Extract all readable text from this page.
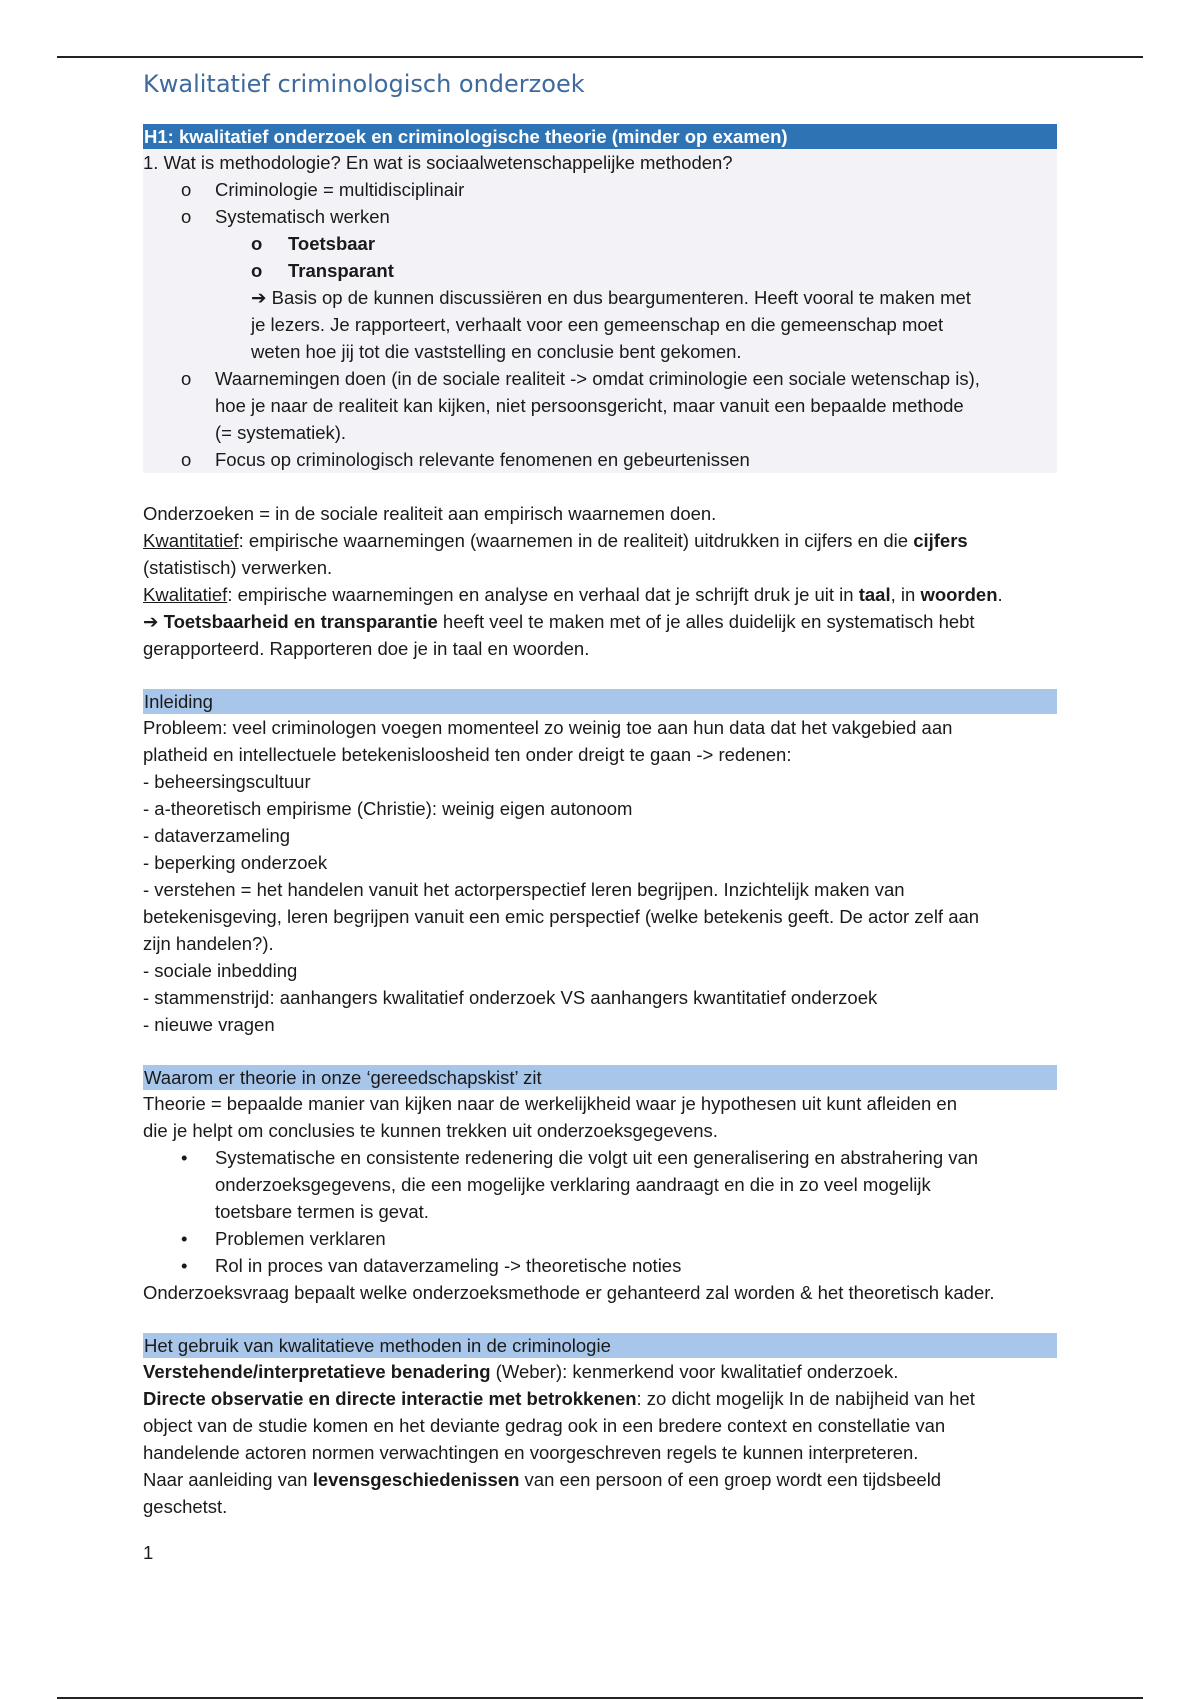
Kwalitatief criminologisch onderzoek
H1: kwalitatief onderzoek en criminologische theorie (minder op examen)
1. Wat is methodologie? En wat is sociaalwetenschappelijke methoden?
o	Criminologie = multidisciplinair
o	Systematisch werken
o	Toetsbaar
o	Transparant
➔ Basis op de kunnen discussiëren en dus beargumenteren. Heeft vooral te maken met
je lezers. Je rapporteert, verhaalt voor een gemeenschap en die gemeenschap moet
weten hoe jij tot die vaststelling en conclusie bent gekomen.
o	Waarnemingen doen (in de sociale realiteit -> omdat criminologie een sociale wetenschap is),
hoe je naar de realiteit kan kijken, niet persoonsgericht, maar vanuit een bepaalde methode
(= systematiek).
o	Focus op criminologisch relevante fenomenen en gebeurtenissen
Onderzoeken = in de sociale realiteit aan empirisch waarnemen doen.
Kwantitatief: empirische waarnemingen (waarnemen in de realiteit) uitdrukken in cijfers en die cijfers
(statistisch) verwerken.
Kwalitatief: empirische waarnemingen en analyse en verhaal dat je schrijft druk je uit in taal, in woorden.
➔ Toetsbaarheid en transparantie heeft veel te maken met of je alles duidelijk en systematisch hebt
gerapporteerd. Rapporteren doe je in taal en woorden.
Inleiding
Probleem: veel criminologen voegen momenteel zo weinig toe aan hun data dat het vakgebied aan
platheid en intellectuele betekenisloosheid ten onder dreigt te gaan -> redenen:
- beheersingscultuur
- a-theoretisch empirisme (Christie): weinig eigen autonoom
- dataverzameling
- beperking onderzoek
- verstehen = het handelen vanuit het actorperspectief leren begrijpen. Inzichtelijk maken van
betekenisgeving, leren begrijpen vanuit een emic perspectief (welke betekenis geeft. De actor zelf aan
zijn handelen?).
- sociale inbedding
- stammenstrijd: aanhangers kwalitatief onderzoek VS aanhangers kwantitatief onderzoek
- nieuwe vragen
Waarom er theorie in onze ‘gereedschapskist’ zit
Theorie = bepaalde manier van kijken naar de werkelijkheid waar je hypothesen uit kunt afleiden en
die je helpt om conclusies te kunnen trekken uit onderzoeksgegevens.
•	Systematische en consistente redenering die volgt uit een generalisering en abstrahering van
onderzoeksgegevens, die een mogelijke verklaring aandraagt en die in zo veel mogelijk
toetsbare termen is gevat.
•	Problemen verklaren
•	Rol in proces van dataverzameling -> theoretische noties
Onderzoeksvraag bepaalt welke onderzoeksmethode er gehanteerd zal worden & het theoretisch kader.
Het gebruik van kwalitatieve methoden in de criminologie
Verstehende/interpretatieve benadering (Weber): kenmerkend voor kwalitatief onderzoek.
Directe observatie en directe interactie met betrokkenen: zo dicht mogelijk In de nabijheid van het
object van de studie komen en het deviante gedrag ook in een bredere context en constellatie van
handelende actoren normen verwachtingen en voorgeschreven regels te kunnen interpreteren.
Naar aanleiding van levensgeschiedenissen van een persoon of een groep wordt een tijdsbeeld
geschetst.
1
